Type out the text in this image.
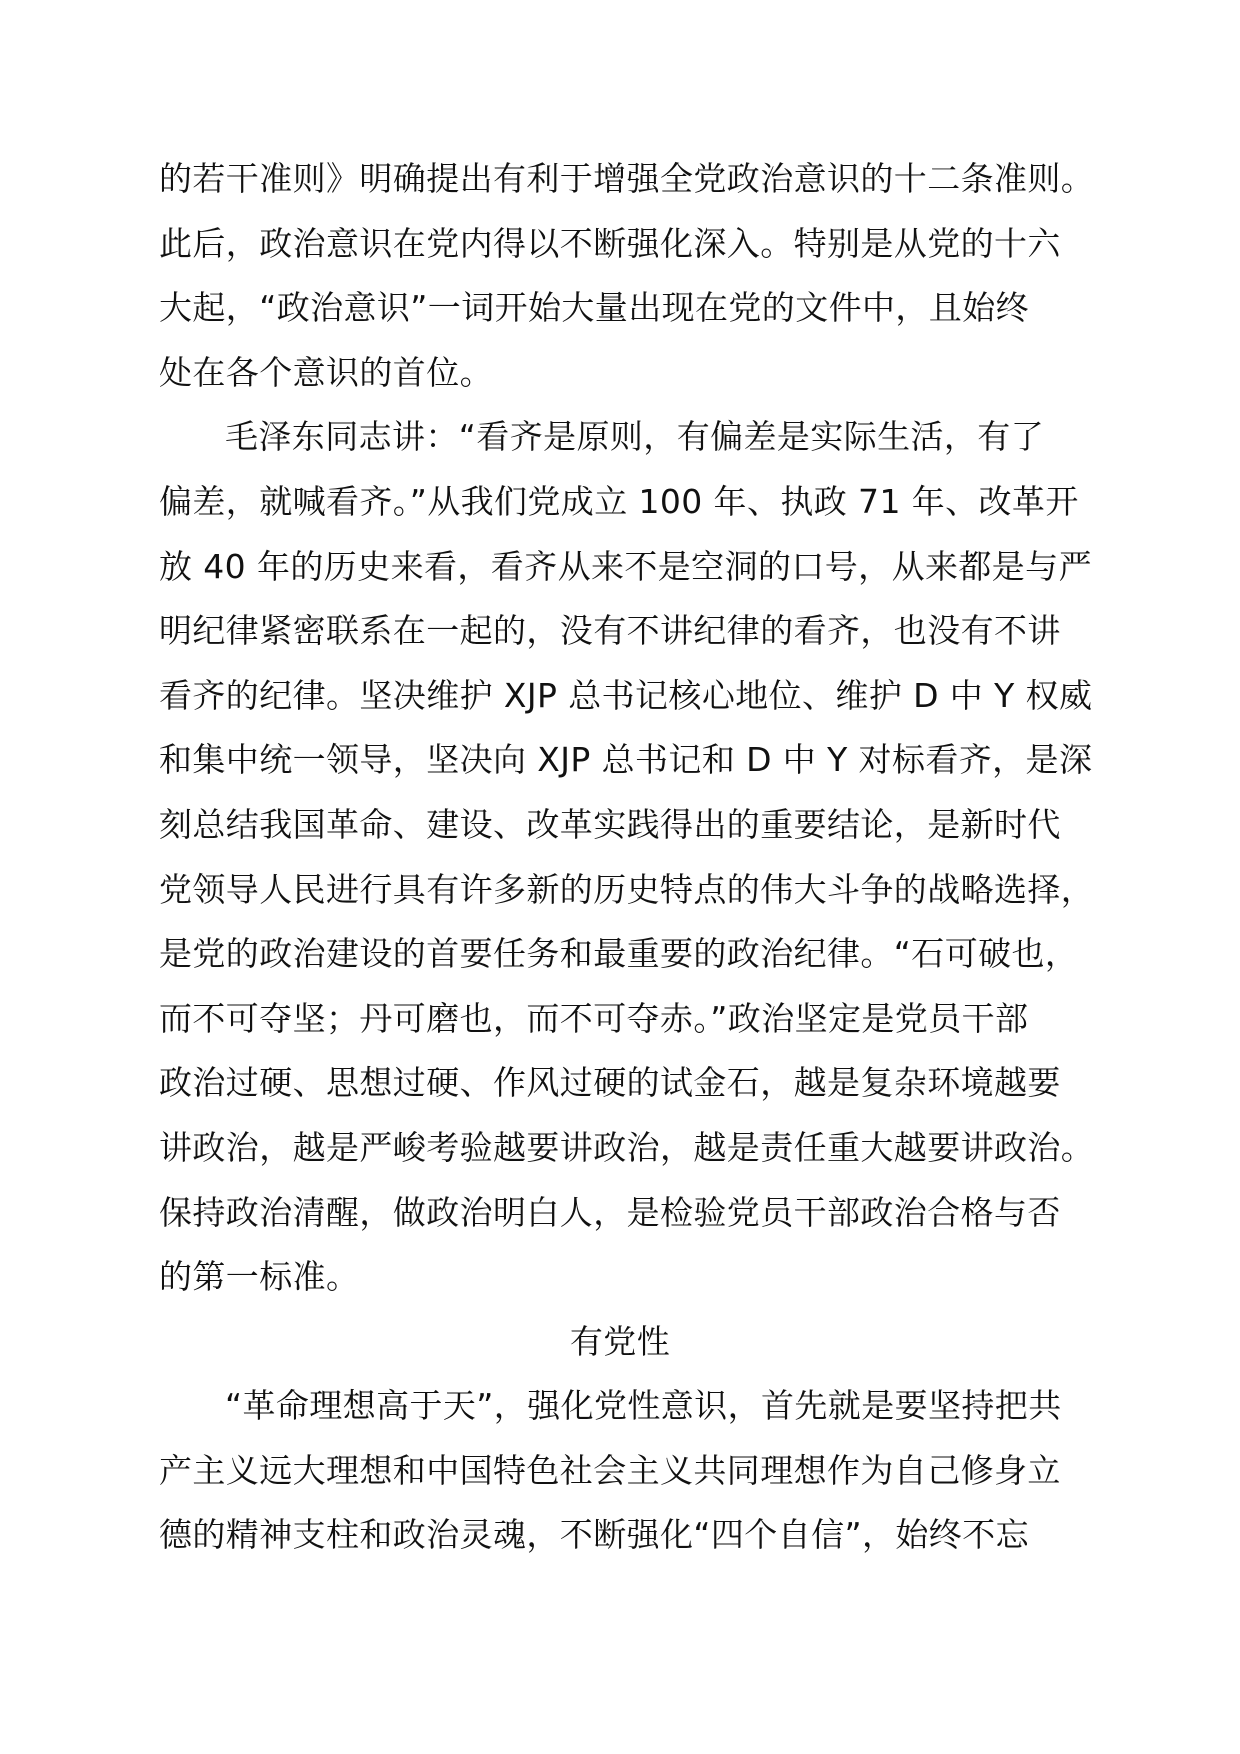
的若干准则》明确提出有利于增强全党政治意识的十二条准则。
此后，政治意识在党内得以不断强化深入。特别是从党的十六
大起，“政治意识”一词开始大量出现在党的文件中，且始终
处在各个意识的首位。
毛泽东同志讲：“看齐是原则，有偏差是实际生活，有了
偏差，就喊看齐。”从我们党成立 100 年、执政 71 年、改革开
放 40 年的历史来看，看齐从来不是空洞的口号，从来都是与严
明纪律紧密联系在一起的，没有不讲纪律的看齐，也没有不讲
看齐的纪律。坚决维护 XJP 总书记核心地位、维护 D 中 Y 权威
和集中统一领导，坚决向 XJP 总书记和 D 中 Y 对标看齐，是深
刻总结我国革命、建设、改革实践得出的重要结论，是新时代
党领导人民进行具有许多新的历史特点的伟大斗争的战略选择，
是党的政治建设的首要任务和最重要的政治纪律。“石可破也，
而不可夺坚；丹可磨也，而不可夺赤。”政治坚定是党员干部
政治过硬、思想过硬、作风过硬的试金石，越是复杂环境越要
讲政治，越是严峻考验越要讲政治，越是责任重大越要讲政治。
保持政治清醒，做政治明白人，是检验党员干部政治合格与否
的第一标准。
有党性
“革命理想高于天”，强化党性意识，首先就是要坚持把共
产主义远大理想和中国特色社会主义共同理想作为自己修身立
德的精神支柱和政治灵魂，不断强化“四个自信”，始终不忘
